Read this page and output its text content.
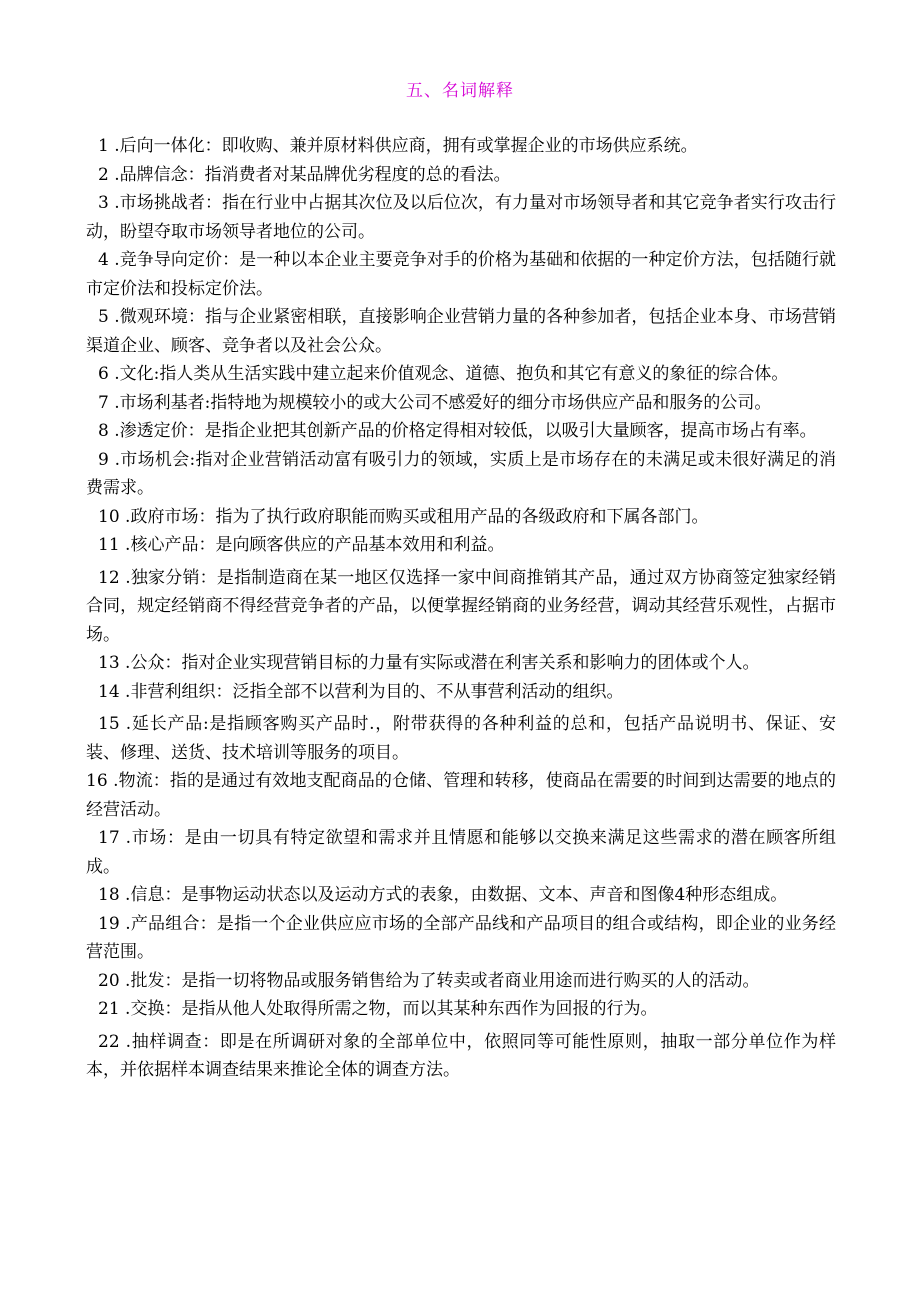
五、名词解释

1 .后向一体化：即收购、兼并原材料供应商，拥有或掌握企业的市场供应系统。

2 .品牌信念：指消费者对某品牌优劣程度的总的看法。

3 .市场挑战者：指在行业中占据其次位及以后位次，有力量对市场领导者和其它竞争者实行攻击行动，盼望夺取市场领导者地位的公司。

4 .竞争导向定价：是一种以本企业主要竞争对手的价格为基础和依据的一种定价方法，包括随行就市定价法和投标定价法。

5 .微观环境：指与企业紧密相联，直接影响企业营销力量的各种参加者，包括企业本身、市场营销渠道企业、顾客、竞争者以及社会公众。

6 .文化:指人类从生活实践中建立起来价值观念、道德、抱负和其它有意义的象征的综合体。

7 .市场利基者:指特地为规模较小的或大公司不感爱好的细分市场供应产品和服务的公司。

8 .渗透定价：是指企业把其创新产品的价格定得相对较低，以吸引大量顾客，提高市场占有率。

9 .市场机会:指对企业营销活动富有吸引力的领域，实质上是市场存在的未满足或未很好满足的消费需求。

10 .政府市场：指为了执行政府职能而购买或租用产品的各级政府和下属各部门。

11 .核心产品：是向顾客供应的产品基本效用和利益。

12 .独家分销：是指制造商在某一地区仅选择一家中间商推销其产品，通过双方协商签定独家经销合同，规定经销商不得经营竞争者的产品，以便掌握经销商的业务经营，调动其经营乐观性，占据市场。

13 .公众：指对企业实现营销目标的力量有实际或潜在利害关系和影响力的团体或个人。

14 .非营利组织：泛指全部不以营利为目的、不从事营利活动的组织。

15 .延长产品:是指顾客购买产品时.，附带获得的各种利益的总和，包括产品说明书、保证、安装、修理、送货、技术培训等服务的项目。

16 .物流：指的是通过有效地支配商品的仓储、管理和转移，使商品在需要的时间到达需要的地点的经营活动。

17 .市场：是由一切具有特定欲望和需求并且情愿和能够以交换来满足这些需求的潜在顾客所组成。

18 .信息：是事物运动状态以及运动方式的表象，由数据、文本、声音和图像4种形态组成。

19 .产品组合：是指一个企业供应应市场的全部产品线和产品项目的组合或结构，即企业的业务经营范围。

20 .批发：是指一切将物品或服务销售给为了转卖或者商业用途而进行购买的人的活动。

21 .交换：是指从他人处取得所需之物，而以其某种东西作为回报的行为。

22 .抽样调查：即是在所调研对象的全部单位中，依照同等可能性原则，抽取一部分单位作为样本，并依据样本调查结果来推论全体的调查方法。
